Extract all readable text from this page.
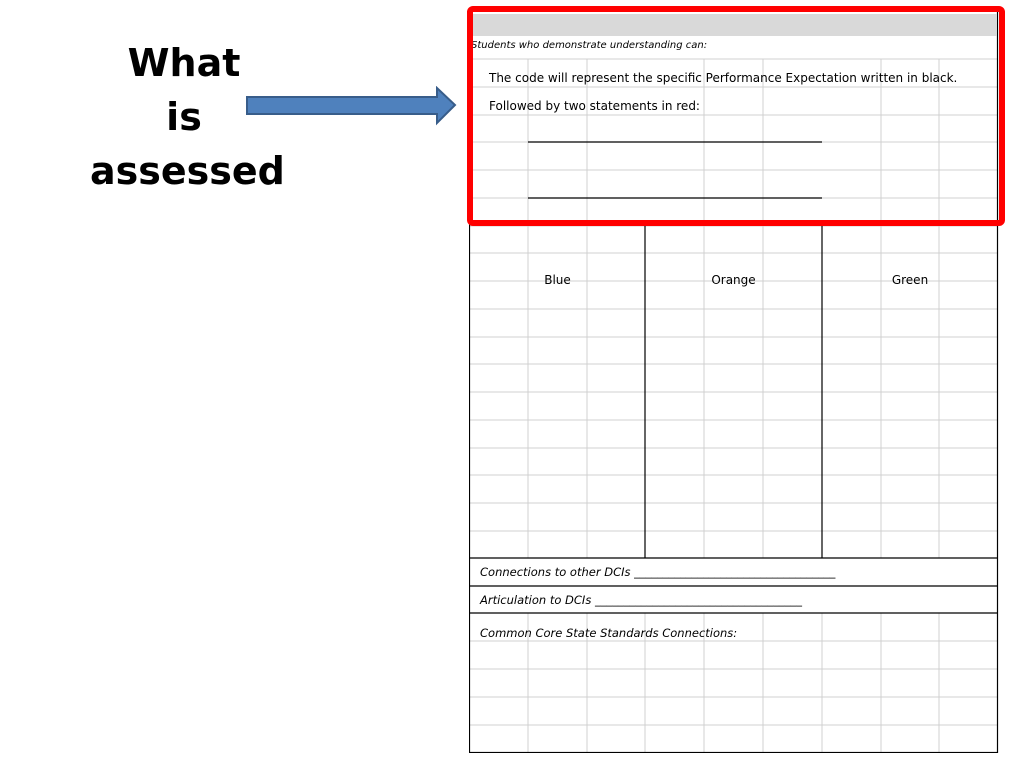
What
is
assessed
Students who demonstrate understanding can:
The code will represent the specific Performance Expectation written in black.
Followed by two statements in red:
Blue	Orange	Green
Connections to other DCIs ___________________________________
Articulation to DCIs ____________________________________
Common Core State Standards Connections:
